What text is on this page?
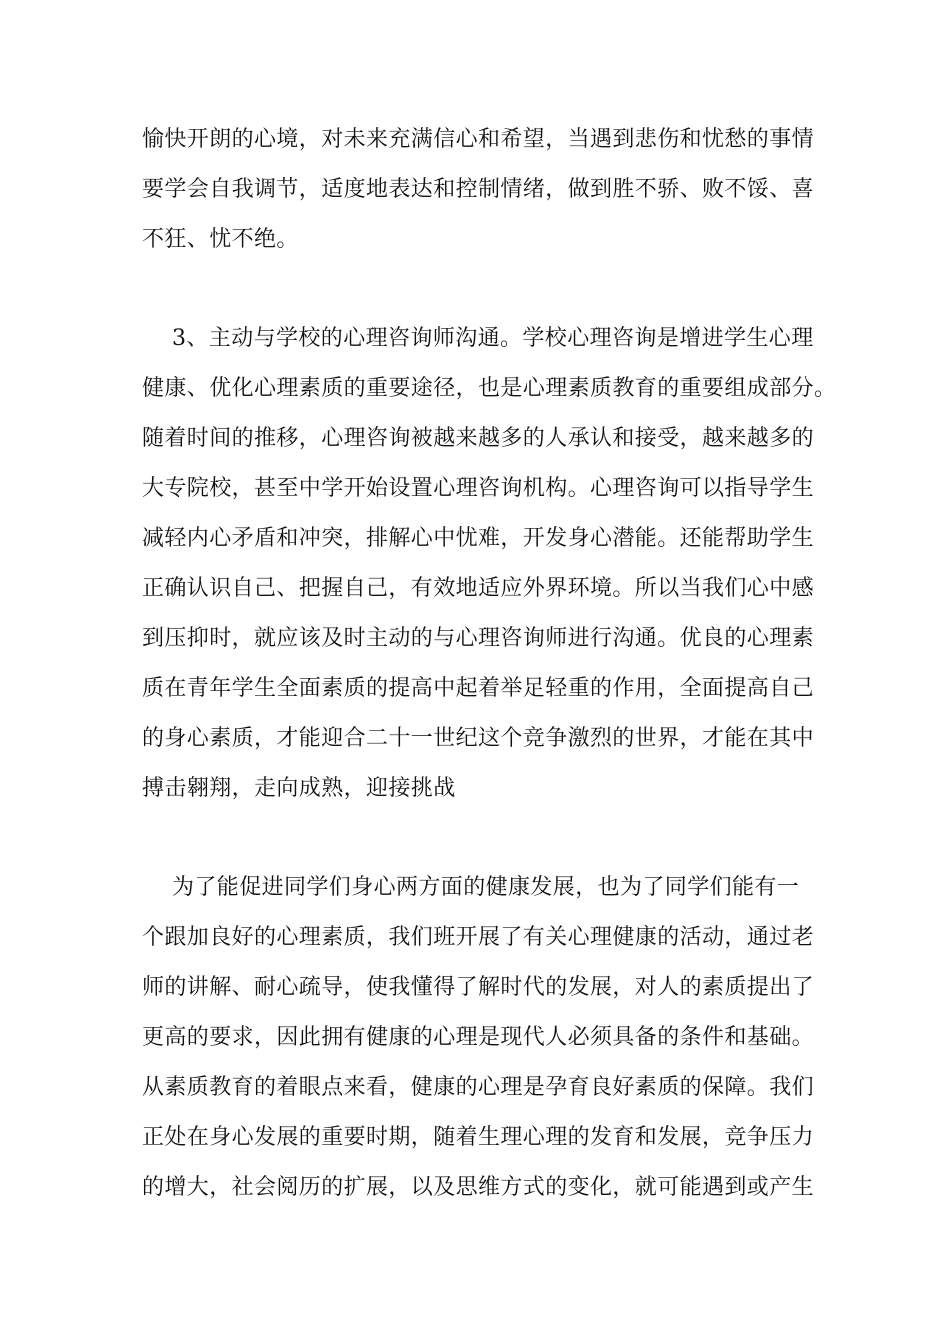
愉快开朗的心境，对未来充满信心和希望，当遇到悲伤和忧愁的事情
要学会自我调节，适度地表达和控制情绪，做到胜不骄、败不馁、喜
不狂、忧不绝。
3、主动与学校的心理咨询师沟通。学校心理咨询是增进学生心理
健康、优化心理素质的重要途径，也是心理素质教育的重要组成部分。
随着时间的推移，心理咨询被越来越多的人承认和接受，越来越多的
大专院校，甚至中学开始设置心理咨询机构。心理咨询可以指导学生
减轻内心矛盾和冲突，排解心中忧难，开发身心潜能。还能帮助学生
正确认识自己、把握自己，有效地适应外界环境。所以当我们心中感
到压抑时，就应该及时主动的与心理咨询师进行沟通。优良的心理素
质在青年学生全面素质的提高中起着举足轻重的作用，全面提高自己
的身心素质，才能迎合二十一世纪这个竞争激烈的世界，才能在其中
搏击翱翔，走向成熟，迎接挑战
为了能促进同学们身心两方面的健康发展，也为了同学们能有一
个跟加良好的心理素质，我们班开展了有关心理健康的活动，通过老
师的讲解、耐心疏导，使我懂得了解时代的发展，对人的素质提出了
更高的要求，因此拥有健康的心理是现代人必须具备的条件和基础。
从素质教育的着眼点来看，健康的心理是孕育良好素质的保障。我们
正处在身心发展的重要时期，随着生理心理的发育和发展，竞争压力
的增大，社会阅历的扩展，以及思维方式的变化，就可能遇到或产生
